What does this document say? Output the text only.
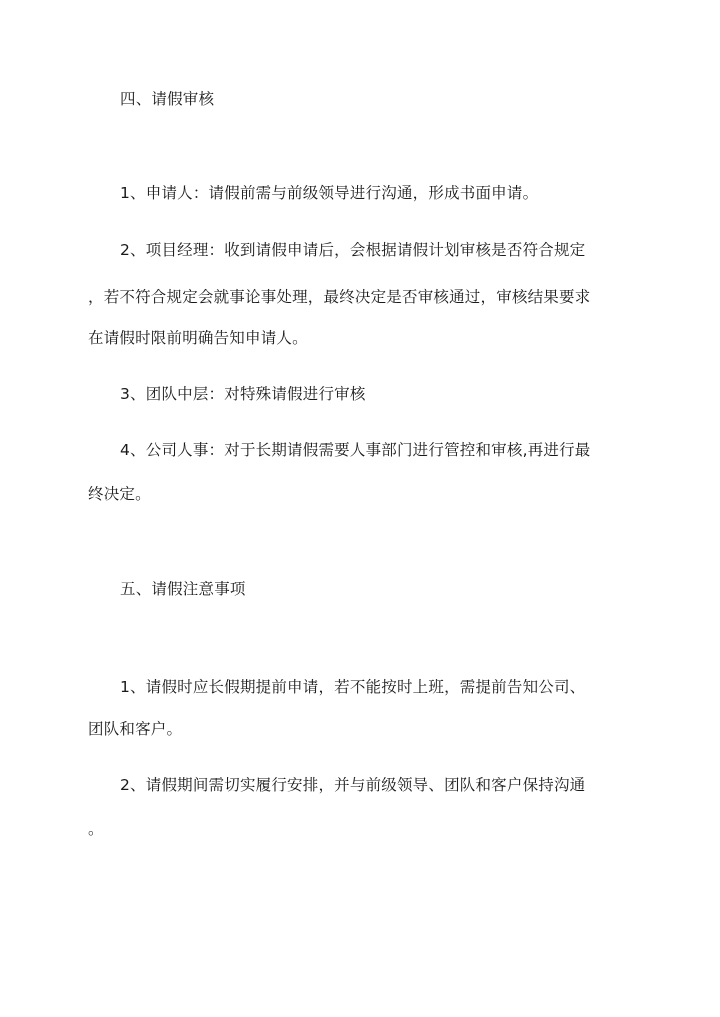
四、请假审核
1、申请人：请假前需与前级领导进行沟通，形成书面申请。
2、项目经理：收到请假申请后，会根据请假计划审核是否符合规定
，若不符合规定会就事论事处理，最终决定是否审核通过，审核结果要求
在请假时限前明确告知申请人。
3、团队中层：对特殊请假进行审核
4、公司人事：对于长期请假需要人事部门进行管控和审核,再进行最
终决定。
五、请假注意事项
1、请假时应长假期提前申请，若不能按时上班，需提前告知公司、
团队和客户。
2、请假期间需切实履行安排，并与前级领导、团队和客户保持沟通
。
